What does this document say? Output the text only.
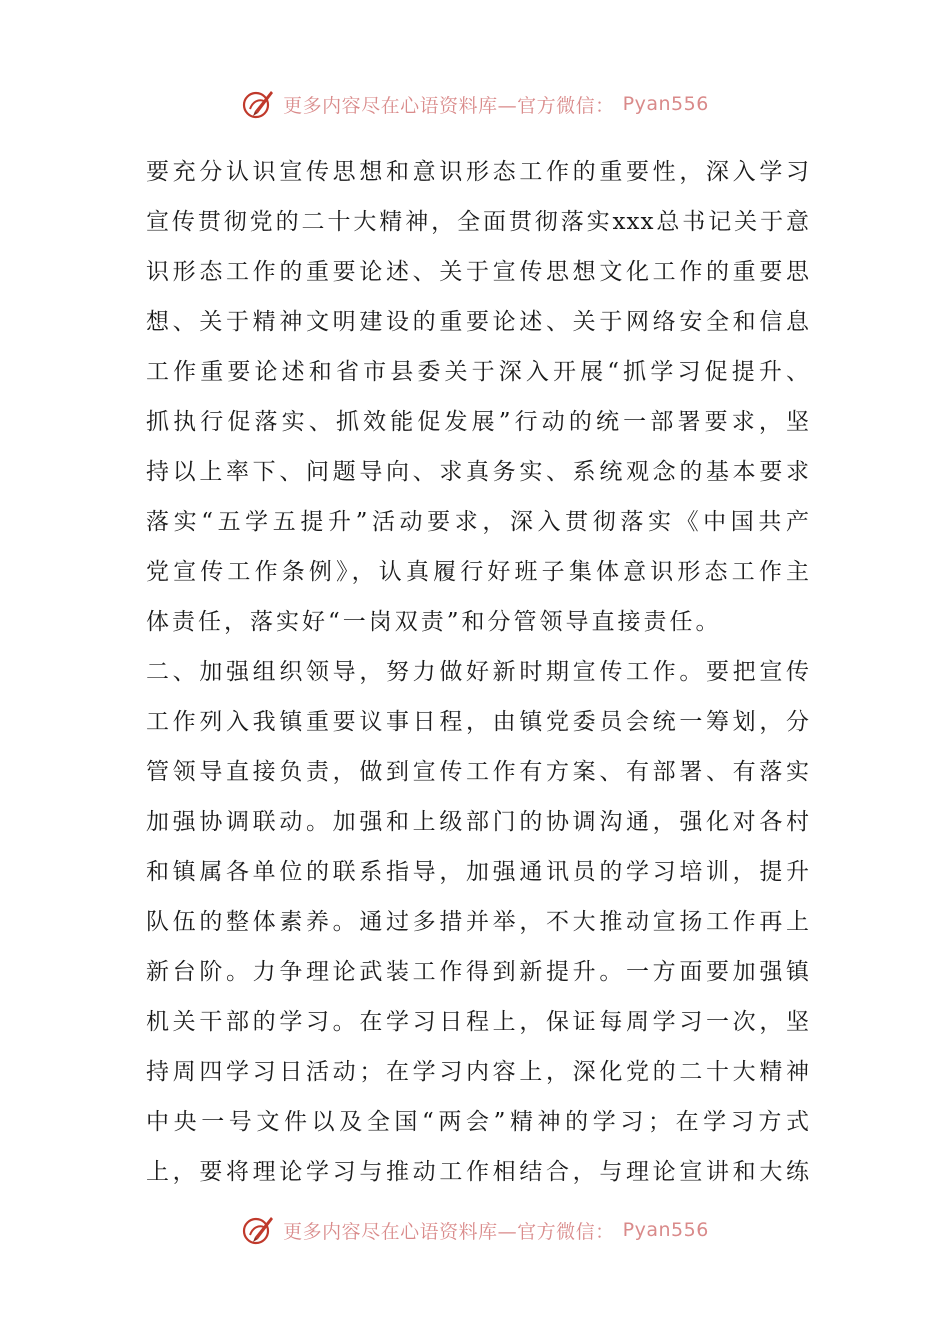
更多内容尽在心语资料库—官方微信： Pyan556
要充分认识宣传思想和意识形态工作的重要性，深入学习
宣传贯彻党的二十大精神，全面贯彻落实xxx总书记关于意
识形态工作的重要论述、关于宣传思想文化工作的重要思
想、关于精神文明建设的重要论述、关于网络安全和信息
工作重要论述和省市县委关于深入开展“抓学习促提升、
抓执行促落实、抓效能促发展”行动的统一部署要求，坚
持以上率下、问题导向、求真务实、系统观念的基本要求
落实“五学五提升”活动要求，深入贯彻落实《中国共产
党宣传工作条例》，认真履行好班子集体意识形态工作主
体责任，落实好“一岗双责”和分管领导直接责任。
二、加强组织领导，努力做好新时期宣传工作。要把宣传
工作列入我镇重要议事日程，由镇党委员会统一筹划，分
管领导直接负责，做到宣传工作有方案、有部署、有落实
加强协调联动。加强和上级部门的协调沟通，强化对各村
和镇属各单位的联系指导，加强通讯员的学习培训，提升
队伍的整体素养。通过多措并举，不大推动宣扬工作再上
新台阶。力争理论武装工作得到新提升。一方面要加强镇
机关干部的学习。在学习日程上，保证每周学习一次，坚
持周四学习日活动；在学习内容上，深化党的二十大精神
中央一号文件以及全国“两会”精神的学习；在学习方式
上，要将理论学习与推动工作相结合，与理论宣讲和大练
更多内容尽在心语资料库—官方微信： Pyan556
